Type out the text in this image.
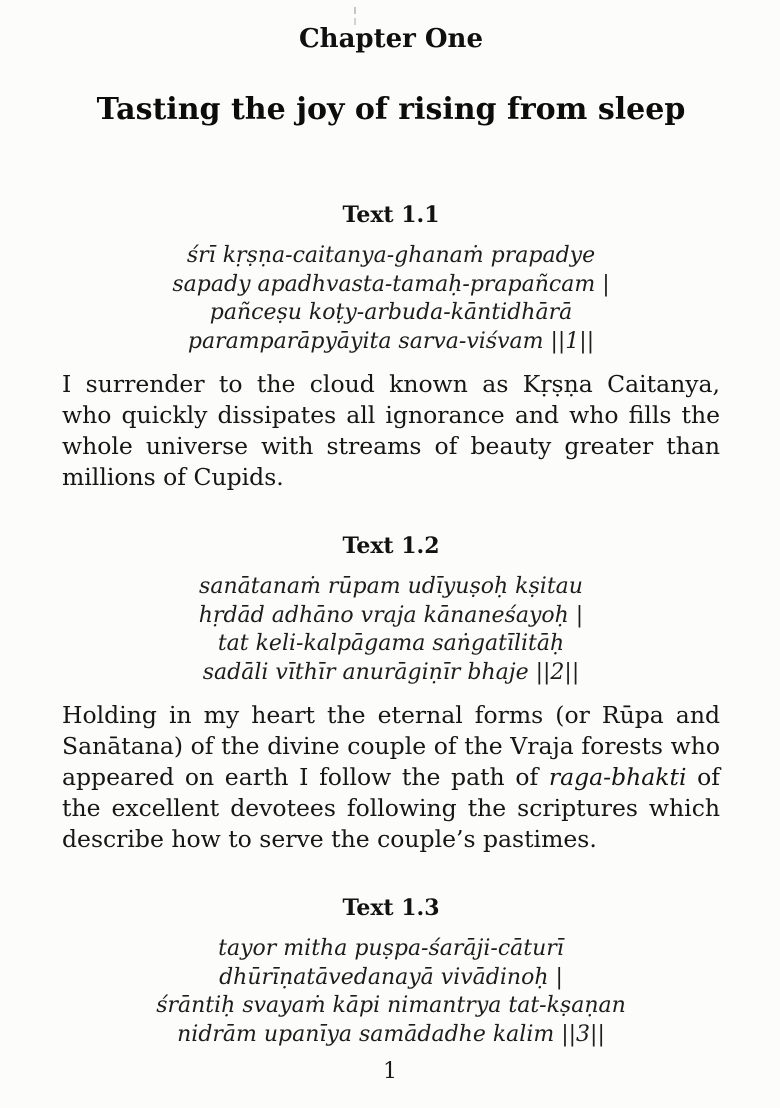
Chapter One
Tasting the joy of rising from sleep
Text 1.1
śrī kṛṣṇa-caitanya-ghanaṁ prapadye
sapady apadhvasta-tamaḥ-prapañcam |
pañceṣu koṭy-arbuda-kāntidhārā
paramparāpyāyita sarva-viśvam ||1||

I surrender to the cloud known as Kṛṣṇa Caitanya, who quickly dissipates all ignorance and who fills the whole universe with streams of beauty greater than millions of Cupids.

Text 1.2
sanātanaṁ rūpam udīyuṣoḥ kṣitau
hṛdād adhāno vraja kānaneśayoḥ |
tat keli-kalpāgama saṅgatīlitāḥ
sadāli vīthīr anurāgiṇīr bhaje ||2||

Holding in my heart the eternal forms (or Rūpa and Sanātana) of the divine couple of the Vraja forests who appeared on earth I follow the path of raga-bhakti of the excellent devotees following the scriptures which describe how to serve the couple’s pastimes.

Text 1.3
tayor mitha puṣpa-śarāji-cāturī
dhūrīṇatāvedanayā vivādinoḥ |
śrāntiḥ svayaṁ kāpi nimantrya tat-kṣaṇan
nidrām upanīya samādadhe kalim ||3||
1
